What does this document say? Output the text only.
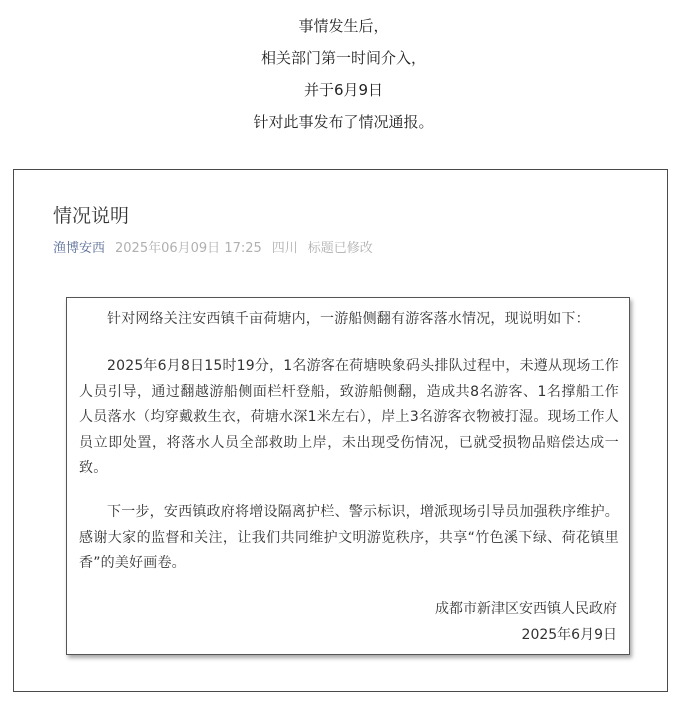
事情发生后，
相关部门第一时间介入，
并于6月9日
针对此事发布了情况通报。
情况说明
渔博安西 2025年06月09日 17:25 四川 标题已修改
针对网络关注安西镇千亩荷塘内，一游船侧翻有游客落水情况，现说明如下：
2025年6月8日15时19分，1名游客在荷塘映象码头排队过程中，未遵从现场工作人员引导，通过翻越游船侧面栏杆登船，致游船侧翻，造成共8名游客、1名撑船工作人员落水（均穿戴救生衣，荷塘水深1米左右），岸上3名游客衣物被打湿。现场工作人员立即处置，将落水人员全部救助上岸，未出现受伤情况，已就受损物品赔偿达成一致。
下一步，安西镇政府将增设隔离护栏、警示标识，增派现场引导员加强秩序维护。感谢大家的监督和关注，让我们共同维护文明游览秩序，共享“竹色溪下绿、荷花镇里香”的美好画卷。
成都市新津区安西镇人民政府
2025年6月9日
